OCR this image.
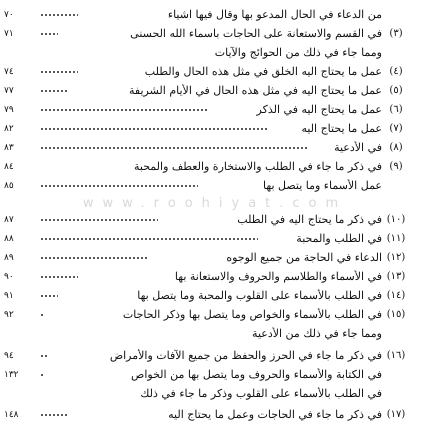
www.roohiyat.com
٧٠	من الدعاء في الحال المدعو بها وقال فيها اشياء
٧١	في القسم والاستعانة على الحاجات باسماء الله الحسنى (٣)
ومما جاء في ذلك من الحوائج والآيات
٧٤	عمل ما يحتاج اليه الخلق في مثل هذه الحال والطلب (٤)
٧٧	عمل ما يحتاج اليه في مثل هذه الحال في الأيام الشريفة (٥)
٧٩	عمل ما يحتاج اليه في الذكر (٦)
٨٢	عمل ما يحتاج اليه (٧)
٨٣	في الأدعية (٨)
٨٤	في ذكر ما جاء في الطلب والاستخارة والعطف والمحبة (٩)
٨٥	عمل الأسماء وما يتصل بها
٨٧	في ذكر ما يحتاج اليه في الطلب (١٠)
٨٨	في الطلب والمحبة (١١)
٨٩	الدعاء في الحاجة من جميع الوجوه (١٢)
٩٠	في الأسماء والطلاسم والحروف والاستعانة بها (١٣)
٩١	في الطلب بالأسماء على القلوب والمحبة وما يتصل بها (١٤)
٩٢	في الطلب بالأسماء والخواص وما يتصل بها وذكر الحاجات (١٥)
ومما جاء في ذلك من الأدعية
٩٤	في ذكر ما جاء في الحرز والحفظ من جميع الآفات والأمراض (١٦)
١٣٢	في الكتابة والأسماء والحروف وما يتصل بها من الخواص
في الطلب بالأسماء على القلوب وذكر ما جاء في ذلك
١٤٨	في ذكر ما جاء في الحاجات وعمل ما يحتاج اليه (١٧)
